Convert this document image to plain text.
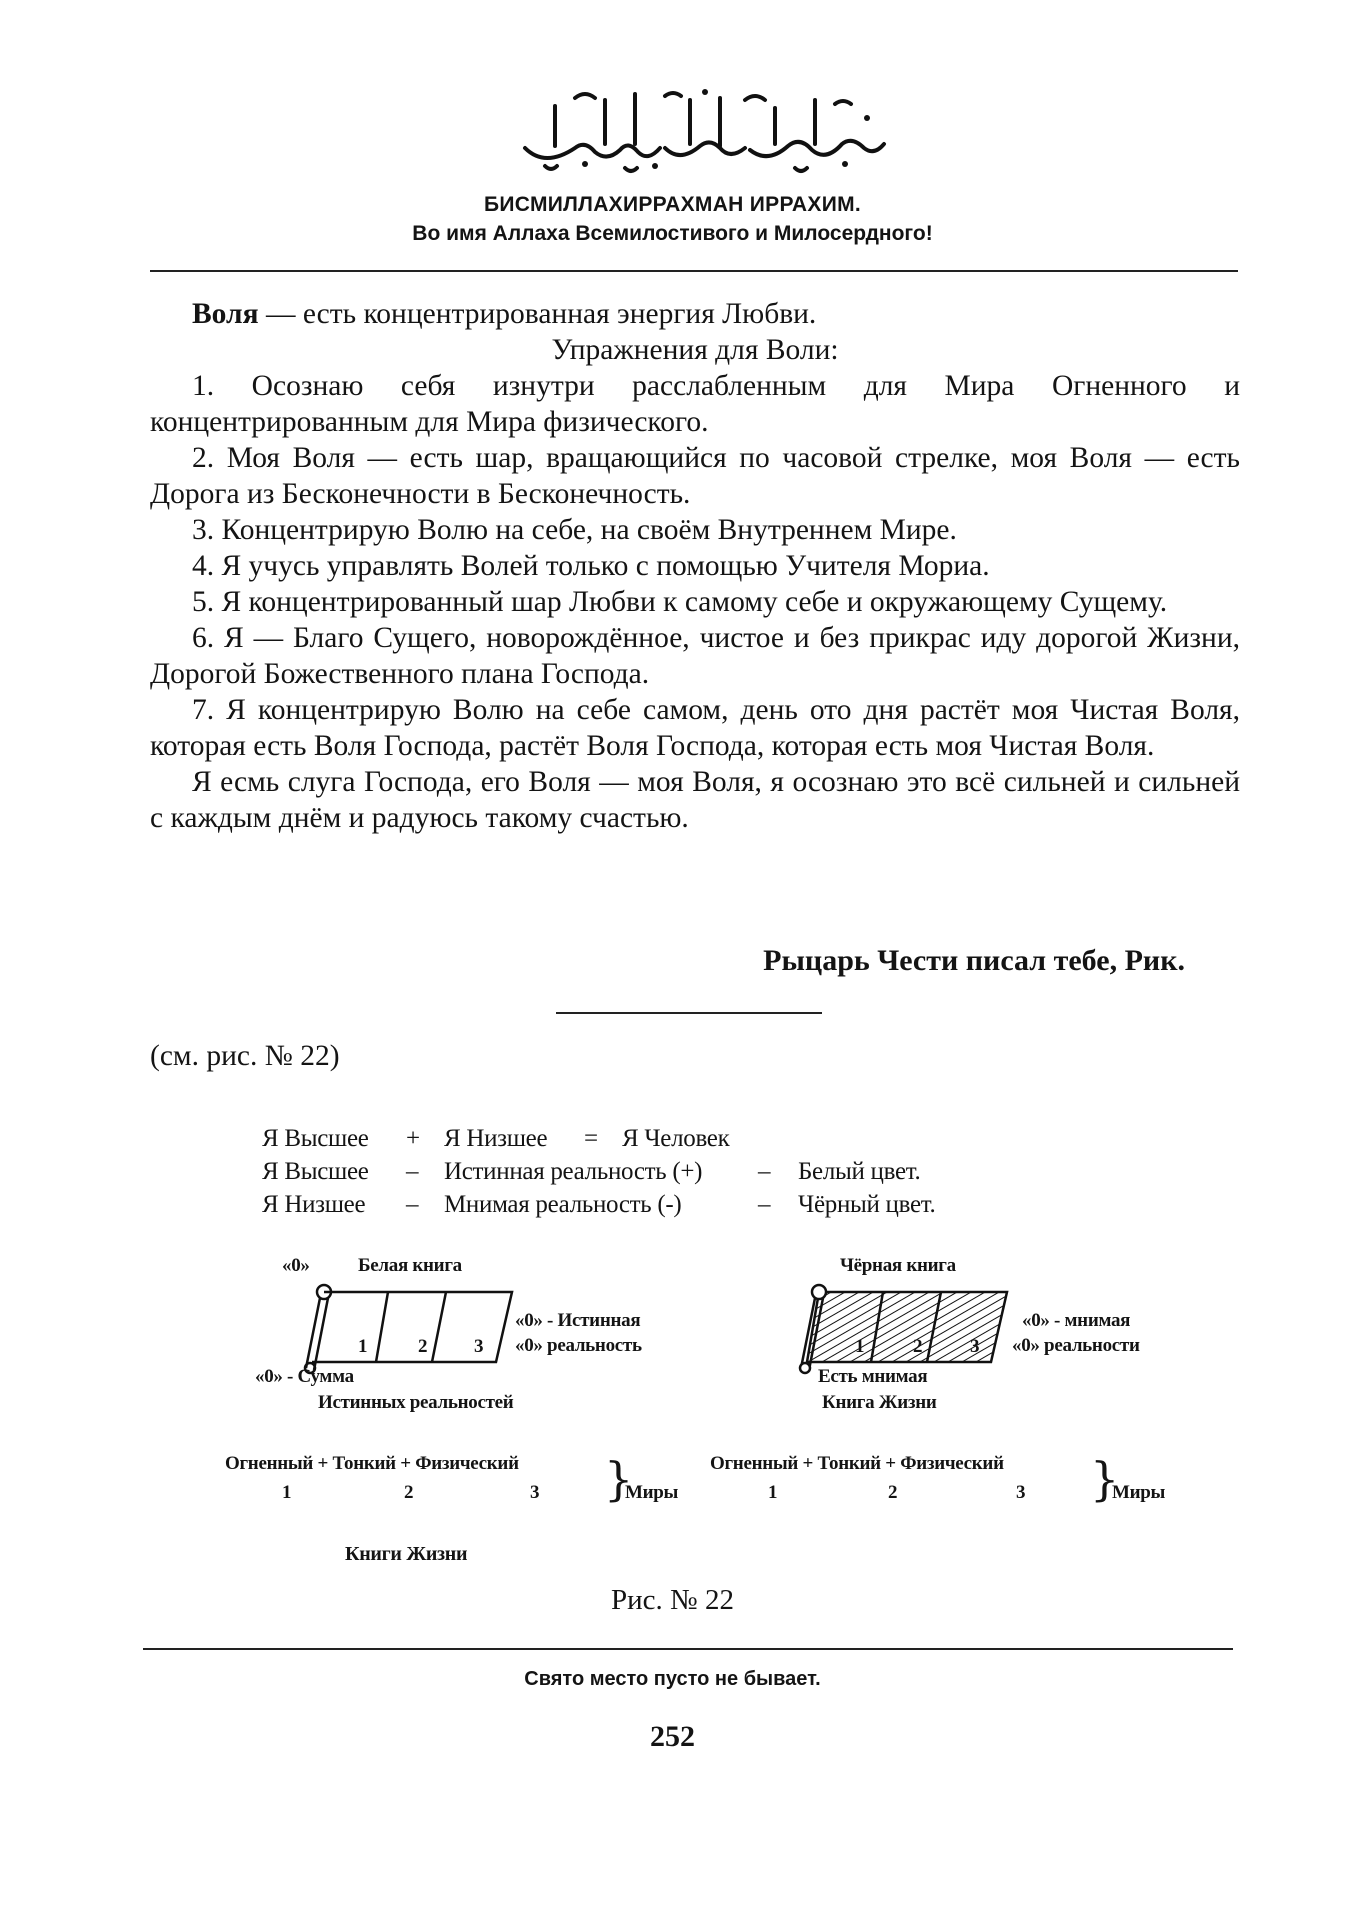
БИСМИЛЛАХИРРАХМАН ИРРАХИМ.
Во имя Аллаха Всемилостивого и Милосердного!

Воля — есть концентрированная энергия Любви.

Упражнения для Воли:

1. Осознаю себя изнутри расслабленным для Мира Огненного и концентрированным для Мира физического.

2. Моя Воля — есть шар, вращающийся по часовой стрелке, моя Воля — есть Дорога из Бесконечности в Бесконечность.

3. Концентрирую Волю на себе, на своём Внутреннем Мире.

4. Я учусь управлять Волей только с помощью Учителя Мориа.

5. Я концентрированный шар Любви к самому себе и окружающему Сущему.

6. Я — Благо Сущего, новорождённое, чистое и без прикрас иду дорогой Жизни, Дорогой Божественного плана Господа.

7. Я концентрирую Волю на себе самом, день ото дня растёт моя Чистая Воля, которая есть Воля Господа, растёт Воля Господа, которая есть моя Чистая Воля.

Я есмь слуга Господа, его Воля — моя Воля, я осознаю это всё сильней и сильней с каждым днём и радуюсь такому счастью.

Рыцарь Чести писал тебе, Рик.
(см. рис. № 22)
Я Высшее + Я Низшее = Я Человек
Я Высшее – Истинная реальность (+) – Белый цвет.
Я Низшее – Мнимая реальность (-)	– Чёрный цвет.
«0»	Белая книга
1	2 3
«0» - Истинная
«0» реальность
«0» - Сумма
Истинных реальностей
Чёрная книга
1	2	3
«0» - мнимая
«0» реальности
Есть мнимая
Книга Жизни
Огненный + Тонкий + Физический
1	2	3 }
Миры
Огненный + Тонкий + Физический
1	2	3 }
Миры
Книги Жизни
Рис. № 22
Свято место пусто не бывает.
252
